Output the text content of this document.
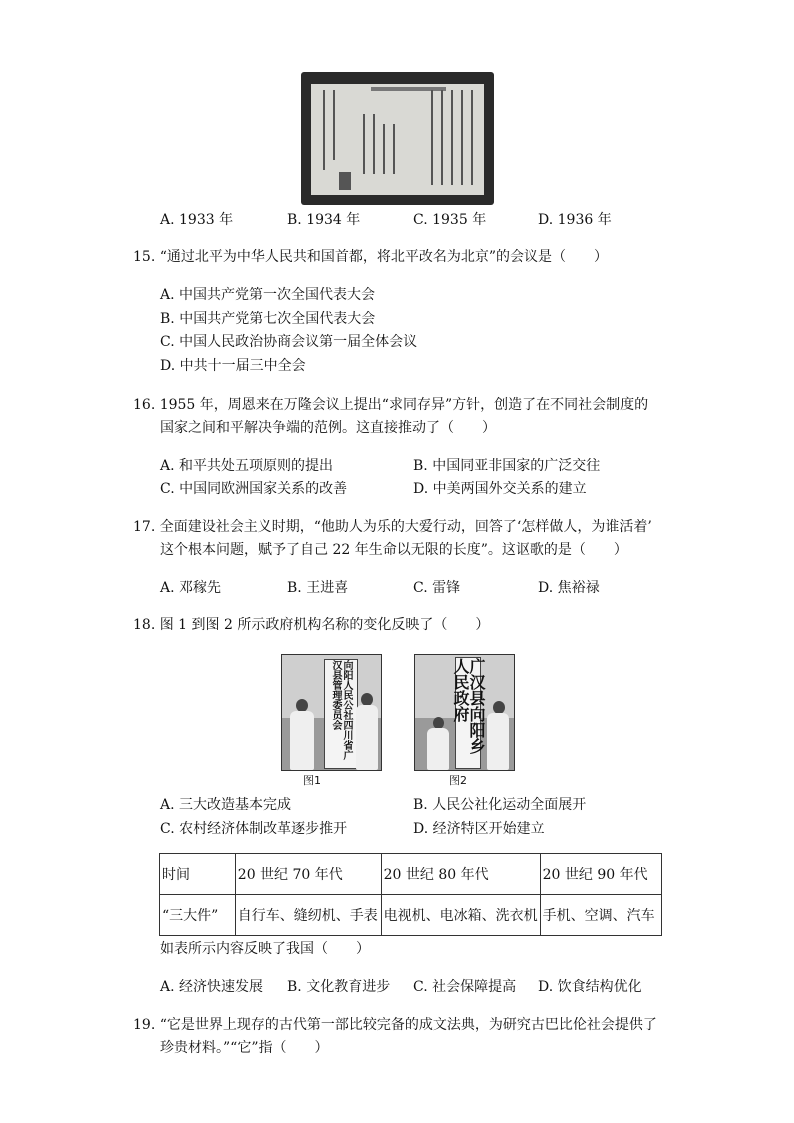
A. 1933 年	B. 1934 年	C. 1935 年	D. 1936 年
15. “通过北平为中华人民共和国首都，将北平改名为北京”的会议是（　　）
A. 中国共产党第一次全国代表大会
B. 中国共产党第七次全国代表大会
C. 中国人民政治协商会议第一届全体会议
D. 中共十一届三中全会
16. 1955 年，周恩来在万隆会议上提出“求同存异”方针，创造了在不同社会制度的
国家之间和平解决争端的范例。这直接推动了（　　）
A. 和平共处五项原则的提出	B. 中国同亚非国家的广泛交往
C. 中国同欧洲国家关系的改善	D. 中美两国外交关系的建立
17. 全面建设社会主义时期，“他助人为乐的大爱行动，回答了‘怎样做人，为谁活着’
这个根本问题，赋予了自己 22 年生命以无限的长度”。这讴歌的是（　　）
A. 邓稼先	B. 王进喜	C. 雷锋	D. 焦裕禄
18. 图 1 到图 2 所示政府机构名称的变化反映了（　　）
向阳人民公社四川省广汉县管理委员会
图1
广汉县向阳乡人民政府
图2
A. 三大改造基本完成	B. 人民公社化运动全面展开
C. 农村经济体制改革逐步推开	D. 经济特区开始建立
时间	20 世纪 70 年代	20 世纪 80 年代	20 世纪 90 年代
“三大件”	自行车、缝纫机、手表	电视机、电冰箱、洗衣机	手机、空调、汽车
如表所示内容反映了我国（　　）
A. 经济快速发展 B. 文化教育进步 C. 社会保障提高 D. 饮食结构优化
19. “它是世界上现存的古代第一部比较完备的成文法典，为研究古巴比伦社会提供了
珍贵材料。”“它”指（　　）
